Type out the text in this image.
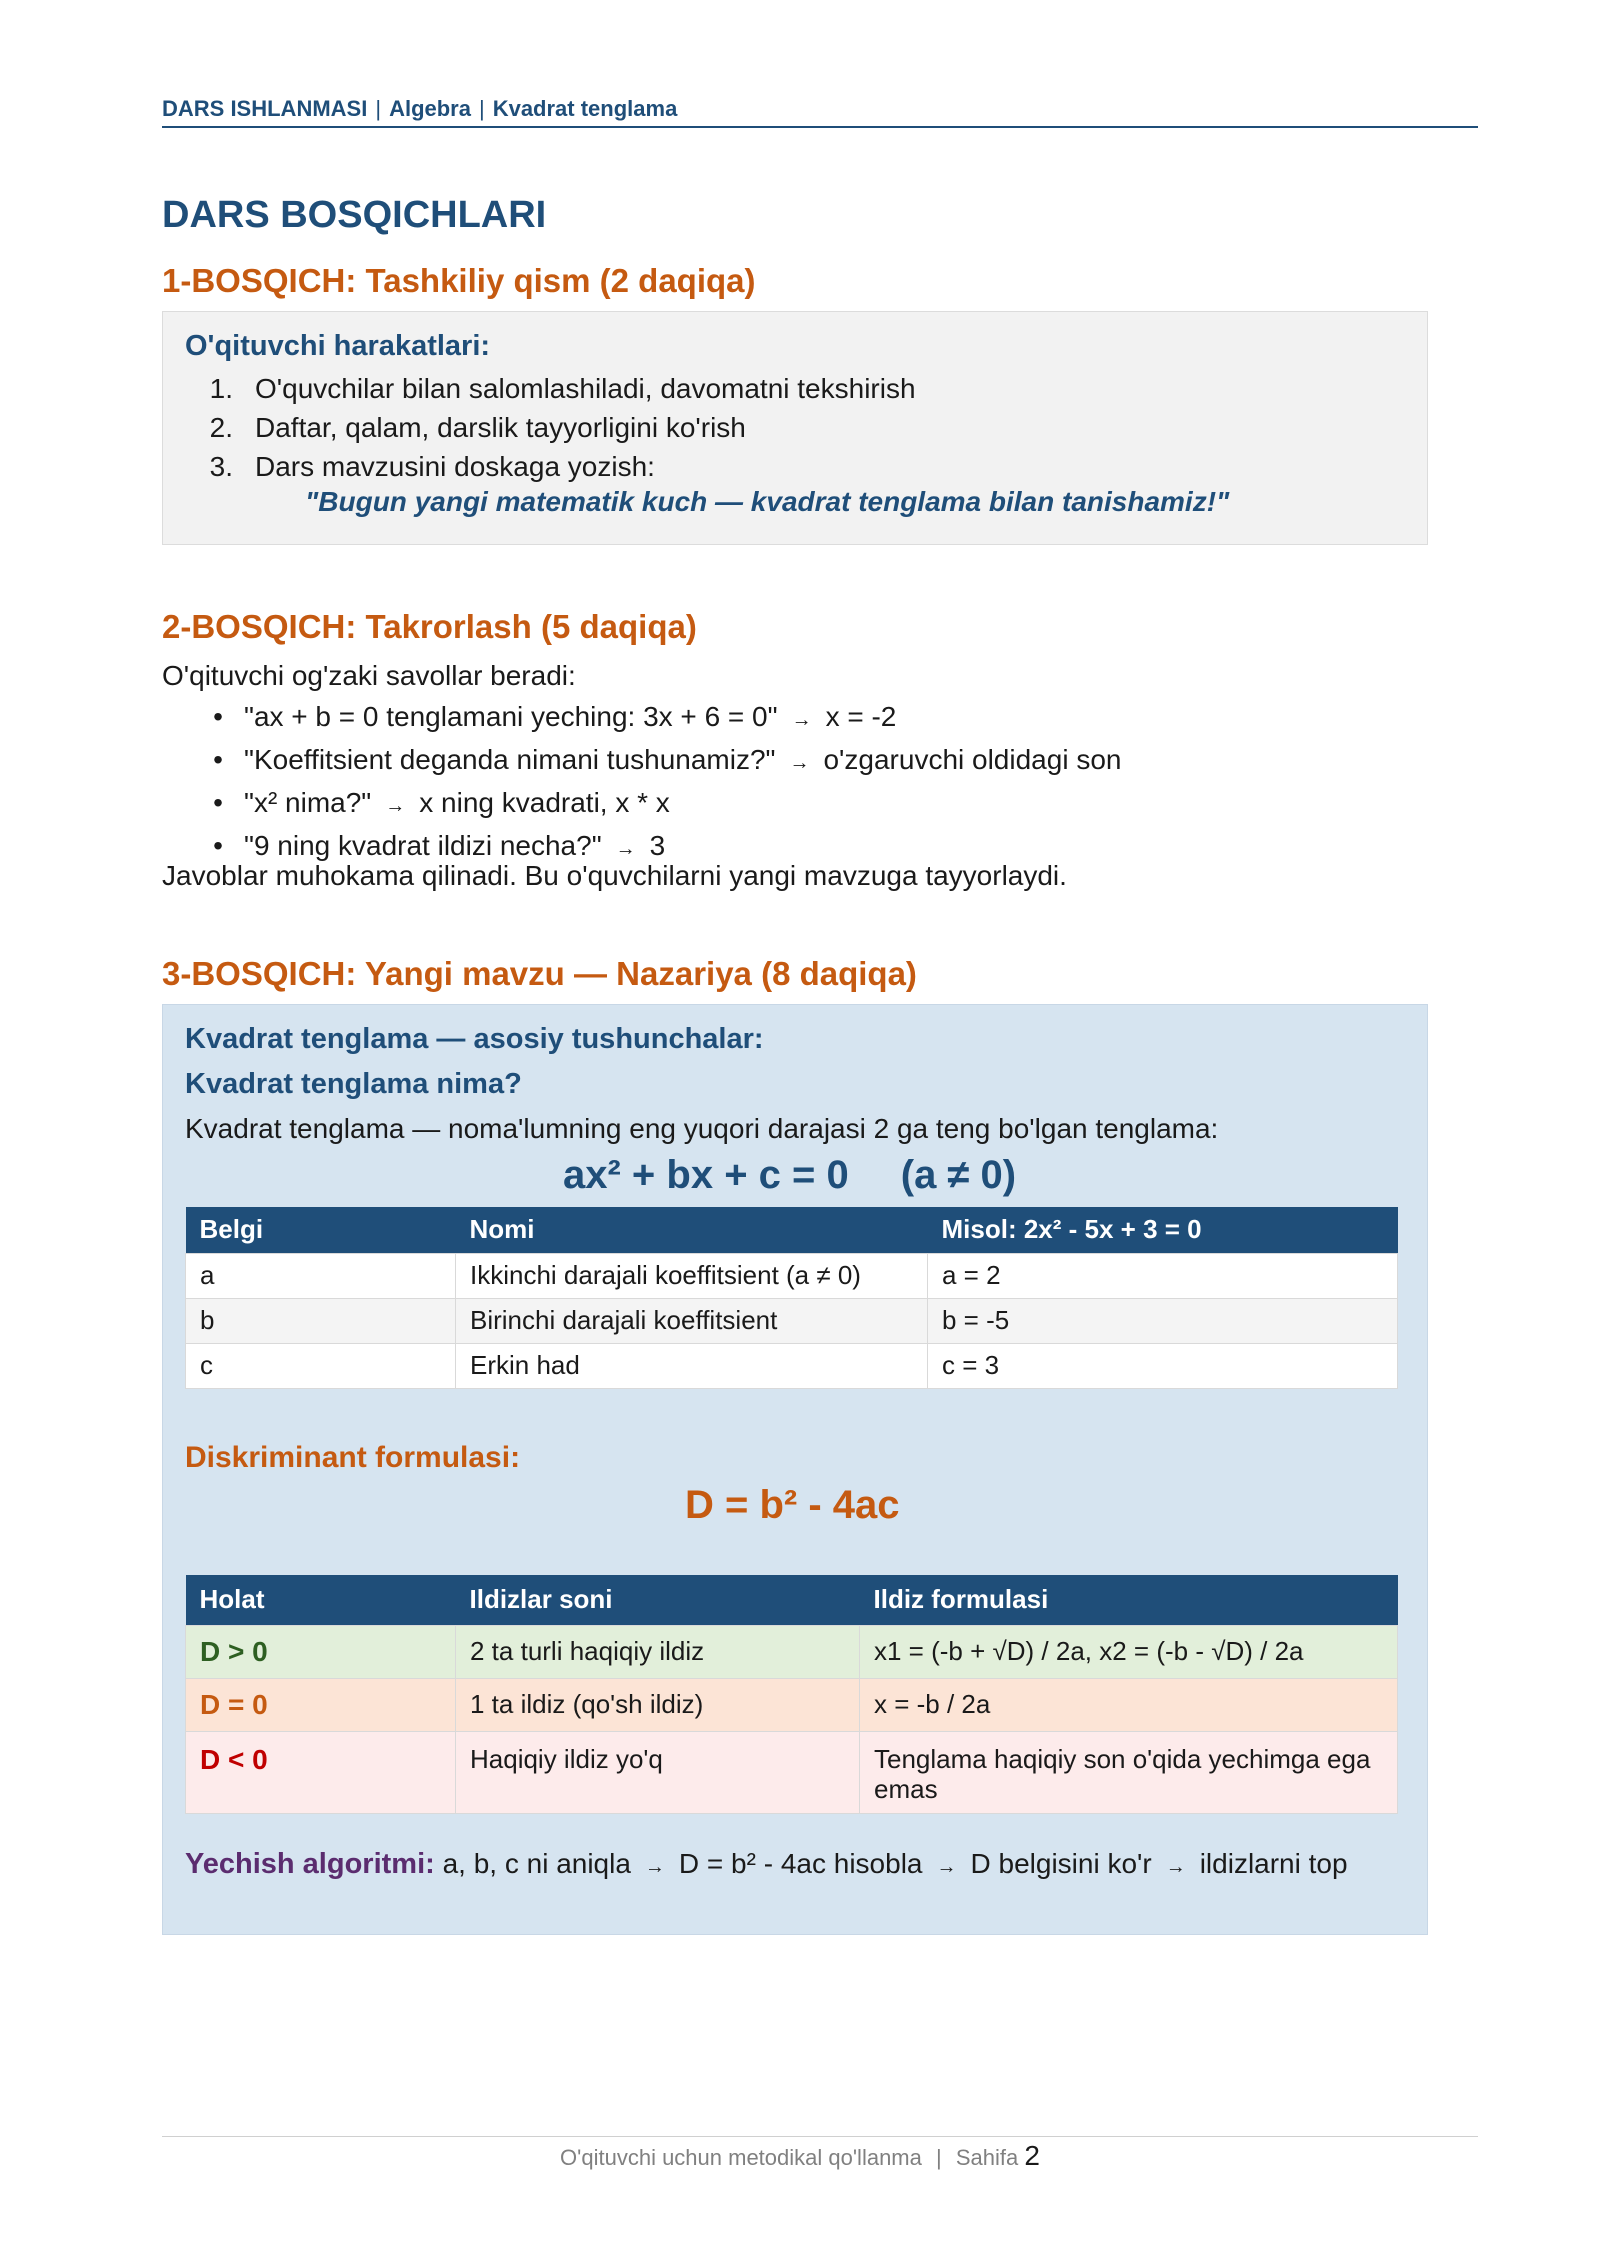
DARS ISHLANMASI | Algebra | Kvadrat tenglama
DARS BOSQICHLARI
1-BOSQICH: Tashkiliy qism (2 daqiqa)

O'qituvchi harakatlari:

1. O'quvchilar bilan salomlashiladi, davomatni tekshirish
2. Daftar, qalam, darslik tayyorligini ko'rish
3. Dars mavzusini doskaga yozish:
"Bugun yangi matematik kuch — kvadrat tenglama bilan tanishamiz!"
2-BOSQICH: Takrorlash (5 daqiqa)

O'qituvchi og'zaki savollar beradi:

• "ax + b = 0 tenglamani yeching: 3x + 6 = 0" → x = -2
• "Koeffitsient deganda nimani tushunamiz?" → o'zgaruvchi oldidagi son
• "x² nima?" → x ning kvadrati, x * x
• "9 ning kvadrat ildizi necha?" → 3

Javoblar muhokama qilinadi. Bu o'quvchilarni yangi mavzuga tayyorlaydi.

3-BOSQICH: Yangi mavzu — Nazariya (8 daqiqa)

Kvadrat tenglama — asosiy tushunchalar:

Kvadrat tenglama nima?

Kvadrat tenglama — noma'lumning eng yuqori darajasi 2 ga teng bo'lgan tenglama:

ax² + bx + c = 0 (a ≠ 0)
Belgi	Nomi	Misol: 2x² - 5x + 3 = 0
a	Ikkinchi darajali koeffitsient (a ≠ 0)	a = 2
b	Birinchi darajali koeffitsient	b = -5
c	Erkin had	c = 3

Diskriminant formulasi:

D = b² - 4ac
Holat	Ildizlar soni	Ildiz formulasi
D > 0	2 ta turli haqiqiy ildiz	x1 = (-b + √D) / 2a, x2 = (-b - √D) / 2a
D = 0	1 ta ildiz (qo'sh ildiz)	x = -b / 2a
D < 0	Haqiqiy ildiz yo'q	Tenglama haqiqiy son o'qida yechimga ega emas

Yechish algoritmi: a, b, c ni aniqla → D = b² - 4ac hisobla → D belgisini ko'r → ildizlarni top

O'qituvchi uchun metodikal qo'llanma | Sahifa 2
